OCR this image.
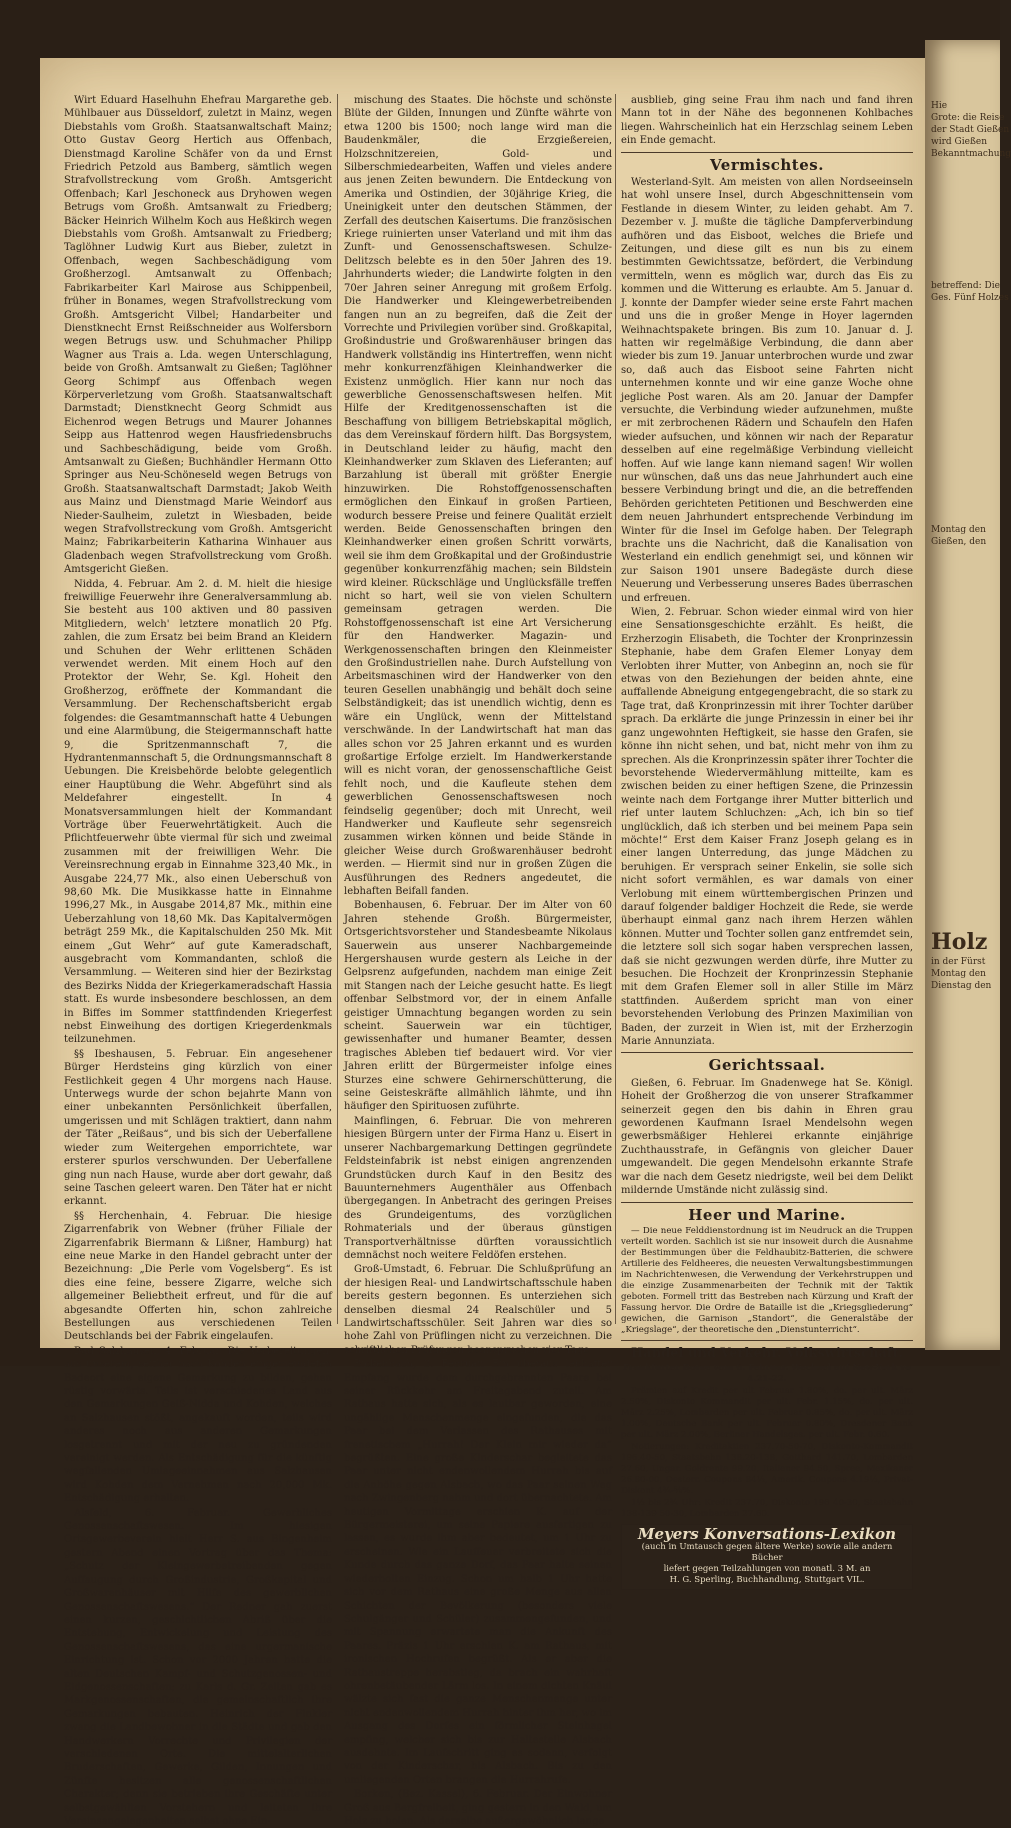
Hie
Grote: die Reise
der Stadt Gießen
wird Gießen
Bekanntmachung
betreffend: Die
Ges. Fünf Holzes
Montag den
Gießen, den
Holz
in der Fürst
Montag den
Dienstag den

Wirt Eduard Haselhuhn Ehefrau Margarethe geb. Mühlbauer aus Düsseldorf, zuletzt in Mainz, wegen Diebstahls vom Großh. Staatsanwaltschaft Mainz; Otto Gustav Georg Hertich aus Offenbach, Dienstmagd Karoline Schäfer von da und Ernst Friedrich Petzold aus Bamberg, sämtlich wegen Strafvollstreckung vom Großh. Amtsgericht Offenbach; Karl Jeschoneck aus Dryhowen wegen Betrugs vom Großh. Amtsanwalt zu Friedberg; Bäcker Heinrich Wilhelm Koch aus Heßkirch wegen Diebstahls vom Großh. Amtsanwalt zu Friedberg; Taglöhner Ludwig Kurt aus Bieber, zuletzt in Offenbach, wegen Sachbeschädigung vom Großherzogl. Amtsanwalt zu Offenbach; Fabrikarbeiter Karl Mairose aus Schippenbeil, früher in Bonames, wegen Strafvollstreckung vom Großh. Amtsgericht Vilbel; Handarbeiter und Dienstknecht Ernst Reißschneider aus Wolfersborn wegen Betrugs usw. und Schuhmacher Philipp Wagner aus Trais a. Lda. wegen Unterschlagung, beide von Großh. Amtsanwalt zu Gießen; Taglöhner Georg Schimpf aus Offenbach wegen Körperverletzung vom Großh. Staatsanwaltschaft Darmstadt; Dienstknecht Georg Schmidt aus Eichenrod wegen Betrugs und Maurer Johannes Seipp aus Hattenrod wegen Hausfriedensbruchs und Sachbeschädigung, beide vom Großh. Amtsanwalt zu Gießen; Buchhändler Hermann Otto Springer aus Neu-Schöneseld wegen Betrugs von Großh. Staatsanwaltschaft Darmstadt; Jakob Weith aus Mainz und Dienstmagd Marie Weindorf aus Nieder-Saulheim, zuletzt in Wiesbaden, beide wegen Strafvollstreckung vom Großh. Amtsgericht Mainz; Fabrikarbeiterin Katharina Winhauer aus Gladenbach wegen Strafvollstreckung vom Großh. Amtsgericht Gießen.

Nidda, 4. Februar. Am 2. d. M. hielt die hiesige freiwillige Feuerwehr ihre Generalversammlung ab. Sie besteht aus 100 aktiven und 80 passiven Mitgliedern, welch' letztere monatlich 20 Pfg. zahlen, die zum Ersatz bei beim Brand an Kleidern und Schuhen der Wehr erlittenen Schäden verwendet werden. Mit einem Hoch auf den Protektor der Wehr, Se. Kgl. Hoheit den Großherzog, eröffnete der Kommandant die Versammlung. Der Rechenschaftsbericht ergab folgendes: die Gesamtmannschaft hatte 4 Uebungen und eine Alarmübung, die Steigermannschaft hatte 9, die Spritzenmannschaft 7, die Hydrantenmannschaft 5, die Ordnungsmannschaft 8 Uebungen. Die Kreisbehörde belobte gelegentlich einer Hauptübung die Wehr. Abgeführt sind als Meldefahrer eingestellt. In 4 Monatsversammlungen hielt der Kommandant Vorträge über Feuerwehrtätigkeit. Auch die Pflichtfeuerwehr übte viermal für sich und zweimal zusammen mit der freiwilligen Wehr. Die Vereinsrechnung ergab in Einnahme 323,40 Mk., in Ausgabe 224,77 Mk., also einen Ueberschuß von 98,60 Mk. Die Musikkasse hatte in Einnahme 1996,27 Mk., in Ausgabe 2014,87 Mk., mithin eine Ueberzahlung von 18,60 Mk. Das Kapitalvermögen beträgt 259 Mk., die Kapitalschulden 250 Mk. Mit einem „Gut Wehr“ auf gute Kameradschaft, ausgebracht vom Kommandanten, schloß die Versammlung. — Weiteren sind hier der Bezirkstag des Bezirks Nidda der Kriegerkameradschaft Hassia statt. Es wurde insbesondere beschlossen, an dem in Biffes im Sommer stattfindenden Kriegerfest nebst Einweihung des dortigen Kriegerdenkmals teilzunehmen.

§§ Ibeshausen, 5. Februar. Ein angesehener Bürger Herdsteins ging kürzlich von einer Festlichkeit gegen 4 Uhr morgens nach Hause. Unterwegs wurde der schon bejahrte Mann von einer unbekannten Persönlichkeit überfallen, umgerissen und mit Schlägen traktiert, dann nahm der Täter „Reißaus“, und bis sich der Ueberfallene wieder zum Weitergehen emporrichtete, war ersterer spurlos verschwunden. Der Ueberfallene ging nun nach Hause, wurde aber dort gewahr, daß seine Taschen geleert waren. Den Täter hat er nicht erkannt.

§§ Herchenhain, 4. Februar. Die hiesige Zigarrenfabrik von Webner (früher Filiale der Zigarrenfabrik Biermann & Lißner, Hamburg) hat eine neue Marke in den Handel gebracht unter der Bezeichnung: „Die Perle vom Vogelsberg“. Es ist dies eine feine, bessere Zigarre, welche sich allgemeiner Beliebtheit erfreut, und für die auf abgesandte Offerten hin, schon zahlreiche Bestellungen aus verschiedenen Teilen Deutschlands bei der Fabrik eingelaufen.

Bad Salzhausen, 4. Februar. Die Vorbereitungen, aus unserem, seither nach Kohden eingemeindeten Badeort eine eigene Gemarkung zu bilden, gehen rüstig vorwärts. Teils ist verschiedenes Land aus den Gemarkungen Geiß-Nidda und Kohden, welches an Salzhausen stößt, angekauft worden, teils wird anderes noch aus anderen Gemarkungen losgetrennt und mit der neu zu gründenden vereinigt werden. Als Entschädigung für die künftig wegfallenden Umlageeinnahmen aus Salzhausen wird Kohden dem Vernehmen nach 20,000 Mk. Entschädigung erhalten.

Alsfeld, 6. Februar. Gewerbliches Genossenschaftswesen. Im hiesigen Ortsgewerbeverein hielt Herr S. aus Bingenheim gestern Abend einen Vortrag über das Thema: „Schutz der Kleingewerbetreibenden gegen Auffaugung durch Großindustrie, Großkapital und Großwarenhäuser mit Hilfe des gewerblichen Genossenschaftswesens.“ Der Redner gab zuerst einen kurzen, geschichtlichen Abriß über die Entstehung, Entwickelung und Leistung des Genossenschaftswesens, das eine urgermanische Einrichtung ist. Schon vor 2000 Jahren hatte die alten Deutschen Kampf- und Schutzgenossen- und Eidgenossenschaften; zu Karls d. Gr. Zeiten gab es Markgenossenschaften, die gemeinschaftlich ihre Gemarkungen bebauten. Heinrich der Finkler zwang die Landbewohner in die Städte und gab den Handwerkern Vorrechte und Privilegien der verschiedenen Orte. Die mittelalterlichen Bruderschaften, Gewerke, Gilden, Innungen und Zünfte besitzen alle genossenschaftlichen Charakter; denn sie betrieben ihre Geschäfte unter selbstgewählten Vorstehern und leiteten ihre Vereinsangelegenheiten selbst ohne Ein-

mischung des Staates. Die höchste und schönste Blüte der Gilden, Innungen und Zünfte währte von etwa 1200 bis 1500; noch lange wird man die Baudenkmäler, die Erzgießereien, Holzschnitzereien, Gold- und Silberschmiedearbeiten, Waffen und vieles andere aus jenen Zeiten bewundern. Die Entdeckung von Amerika und Ostindien, der 30jährige Krieg, die Uneinigkeit unter den deutschen Stämmen, der Zerfall des deutschen Kaisertums. Die französischen Kriege ruinierten unser Vaterland und mit ihm das Zunft- und Genossenschaftswesen. Schulze-Delitzsch belebte es in den 50er Jahren des 19. Jahrhunderts wieder; die Landwirte folgten in den 70er Jahren seiner Anregung mit großem Erfolg. Die Handwerker und Kleingewerbetreibenden fangen nun an zu begreifen, daß die Zeit der Vorrechte und Privilegien vorüber sind. Großkapital, Großindustrie und Großwarenhäuser bringen das Handwerk vollständig ins Hintertreffen, wenn nicht mehr konkurrenzfähigen Kleinhandwerker die Existenz unmöglich. Hier kann nur noch das gewerbliche Genossenschaftswesen helfen. Mit Hilfe der Kreditgenossenschaften ist die Beschaffung von billigem Betriebskapital möglich, das dem Vereinskauf fördern hilft. Das Borgsystem, in Deutschland leider zu häufig, macht den Kleinhandwerker zum Sklaven des Lieferanten; auf Barzahlung ist überall mit größter Energie hinzuwirken. Die Rohstoffgenossenschaften ermöglichen den Einkauf in großen Partieen, wodurch bessere Preise und feinere Qualität erzielt werden. Beide Genossenschaften bringen den Kleinhandwerker einen großen Schritt vorwärts, weil sie ihm dem Großkapital und der Großindustrie gegenüber konkurrenzfähig machen; sein Bildstein wird kleiner. Rückschläge und Unglücksfälle treffen nicht so hart, weil sie von vielen Schultern gemeinsam getragen werden. Die Rohstoffgenossenschaft ist eine Art Versicherung für den Handwerker. Magazin- und Werkgenossenschaften bringen den Kleinmeister den Großindustriellen nahe. Durch Aufstellung von Arbeitsmaschinen wird der Handwerker von den teuren Gesellen unabhängig und behält doch seine Selbständigkeit; das ist unendlich wichtig, denn es wäre ein Unglück, wenn der Mittelstand verschwände. In der Landwirtschaft hat man das alles schon vor 25 Jahren erkannt und es wurden großartige Erfolge erzielt. Im Handwerkerstande will es nicht voran, der genossenschaftliche Geist fehlt noch, und die Kaufleute stehen dem gewerblichen Genossenschaftswesen noch feindselig gegenüber; doch mit Unrecht, weil Handwerker und Kaufleute sehr segensreich zusammen wirken können und beide Stände in gleicher Weise durch Großwarenhäuser bedroht werden. — Hiermit sind nur in großen Zügen die Ausführungen des Redners angedeutet, die lebhaften Beifall fanden.

Bobenhausen, 6. Februar. Der im Alter von 60 Jahren stehende Großh. Bürgermeister, Ortsgerichtsvorsteher und Standesbeamte Nikolaus Sauerwein aus unserer Nachbargemeinde Hergershausen wurde gestern als Leiche in der Gelpsrenz aufgefunden, nachdem man einige Zeit mit Stangen nach der Leiche gesucht hatte. Es liegt offenbar Selbstmord vor, der in einem Anfalle geistiger Umnachtung begangen worden zu sein scheint. Sauerwein war ein tüchtiger, gewissenhafter und humaner Beamter, dessen tragisches Ableben tief bedauert wird. Vor vier Jahren erlitt der Bürgermeister infolge eines Sturzes eine schwere Gehirnerschütterung, die seine Geisteskräfte allmählich lähmte, und ihn häufiger den Spirituosen zuführte.

Mainflingen, 6. Februar. Die von mehreren hiesigen Bürgern unter der Firma Hanz u. Eisert in unserer Nachbargemarkung Dettingen gegründete Feldsteinfabrik ist nebst einigen angrenzenden Grundstücken durch Kauf in den Besitz des Bauunternehmers Augenthäler aus Offenbach übergegangen. In Anbetracht des geringen Preises des Grundeigentums, des vorzüglichen Rohmaterials und der überaus günstigen Transportverhältnisse dürften voraussichtlich demnächst noch weitere Feldöfen erstehen.

Groß-Umstadt, 6. Februar. Die Schlußprüfung an der hiesigen Real- und Landwirtschaftsschule haben bereits gestern begonnen. Es unterziehen sich denselben diesmal 24 Realschüler und 5 Landwirtschaftsschüler. Seit Jahren war dies so hohe Zahl von Prüflingen nicht zu verzeichnen. Die schriftlichen Prüfungen beanspruchen vier Tage.

Bickenbach, 3. Februar. Ein überaus lebhafter Empfang wurde dem durchgebrannten Paare bei seiner Rückkehr am Freitagabend zuteil. Am Rathaus hatte sich, als es lautbar geworden, eine ungählige Menschenmenge eingefunden, die das Paar bei dem Verlassen des Rathauses mit frenetischem „Hurrah! Der Klein mir wieder da“ begrüßten. Eine große Kinderschar begleitete das Paar unter nicht endenwollendem Hurrah bis auf die Anhöhe gegen Alsbach, wo das Paar seinen Weg nach Zwingenberg nahm und dort übernachtete. Am heutigen Vormittage erschien K. auf der Bürgermeisterei, um seine Papiere ausfertigen zu lassen, es wurde ihm aber bedeutet, um 1 Uhr zu erscheinen. Wie ein Lauffeuer verbreitete sich die Kunde durch das ganze Dorf, das Paar halte seinen wiederholten Einzug. Schon um halb 1 Uhr hatte sich vor dem Rathaus eine große Menge aus allen Schichten der Bevölkerung (besonders viele Schulgänger und Schüler) zusammengefunden, und mit Spannung erwartete man die Ankunft des Paares. Präzis 1 Uhr erschien K. am Rathaus, mit ironischen Hochrufen begrüßt. Als er aber die Rathaustreppe herabstieg, da brach ein wahrhaft ohrenbetäubender Lärm los. In einem dichten Knäul wälzte sich fast die ganze Menschenmenge unter nicht endenwollendem Hurrah hinter ihm her, wo im Ausgang des Dorfes ein förmlicher Steinhagel empfing, welcher sich bis zur Haltestelle Alsbach ausdehnte. Im Laufschritt ging es sodann, verfolgt von der Kinderschar, bis Alsbach. Bis zu den umliegenden Orten brangen die Hurrahrufe.

Borken, (Bez. Kassel), 6. Februar. Der Einwohner Groß aus Bergfreiheit, ging gestern in den Wald, um Holz zu holen. Als derselbe außergewöhnlich lange

ausblieb, ging seine Frau ihm nach und fand ihren Mann tot in der Nähe des begonnenen Kohlbaches liegen. Wahrscheinlich hat ein Herzschlag seinem Leben ein Ende gemacht.

Vermischtes.

Westerland-Sylt. Am meisten von allen Nordseeinseln hat wohl unsere Insel, durch Abgeschnittensein vom Festlande in diesem Winter, zu leiden gehabt. Am 7. Dezember v. J. mußte die tägliche Dampferverbindung aufhören und das Eisboot, welches die Briefe und Zeitungen, und diese gilt es nun bis zu einem bestimmten Gewichtssatze, befördert, die Verbindung vermitteln, wenn es möglich war, durch das Eis zu kommen und die Witterung es erlaubte. Am 5. Januar d. J. konnte der Dampfer wieder seine erste Fahrt machen und uns die in großer Menge in Hoyer lagernden Weihnachtspakete bringen. Bis zum 10. Januar d. J. hatten wir regelmäßige Verbindung, die dann aber wieder bis zum 19. Januar unterbrochen wurde und zwar so, daß auch das Eisboot seine Fahrten nicht unternehmen konnte und wir eine ganze Woche ohne jegliche Post waren. Als am 20. Januar der Dampfer versuchte, die Verbindung wieder aufzunehmen, mußte er mit zerbrochenen Rädern und Schaufeln den Hafen wieder aufsuchen, und können wir nach der Reparatur desselben auf eine regelmäßige Verbindung vielleicht hoffen. Auf wie lange kann niemand sagen! Wir wollen nur wünschen, daß uns das neue Jahrhundert auch eine bessere Verbindung bringt und die, an die betreffenden Behörden gerichteten Petitionen und Beschwerden eine dem neuen Jahrhundert entsprechende Verbindung im Winter für die Insel im Gefolge haben. Der Telegraph brachte uns die Nachricht, daß die Kanalisation von Westerland ein endlich genehmigt sei, und können wir zur Saison 1901 unsere Badegäste durch diese Neuerung und Verbesserung unseres Bades überraschen und erfreuen.

Wien, 2. Februar. Schon wieder einmal wird von hier eine Sensationsgeschichte erzählt. Es heißt, die Erzherzogin Elisabeth, die Tochter der Kronprinzessin Stephanie, habe dem Grafen Elemer Lonyay dem Verlobten ihrer Mutter, von Anbeginn an, noch sie für etwas von den Beziehungen der beiden ahnte, eine auffallende Abneigung entgegengebracht, die so stark zu Tage trat, daß Kronprinzessin mit ihrer Tochter darüber sprach. Da erklärte die junge Prinzessin in einer bei ihr ganz ungewohnten Heftigkeit, sie hasse den Grafen, sie könne ihn nicht sehen, und bat, nicht mehr von ihm zu sprechen. Als die Kronprinzessin später ihrer Tochter die bevorstehende Wiedervermählung mitteilte, kam es zwischen beiden zu einer heftigen Szene, die Prinzessin weinte nach dem Fortgange ihrer Mutter bitterlich und rief unter lautem Schluchzen: „Ach, ich bin so tief unglücklich, daß ich sterben und bei meinem Papa sein möchte!“ Erst dem Kaiser Franz Joseph gelang es in einer langen Unterredung, das junge Mädchen zu beruhigen. Er versprach seiner Enkelin, sie solle sich nicht sofort vermählen, es war damals von einer Verlobung mit einem württembergischen Prinzen und darauf folgender baldiger Hochzeit die Rede, sie werde überhaupt einmal ganz nach ihrem Herzen wählen können. Mutter und Tochter sollen ganz entfremdet sein, die letztere soll sich sogar haben versprechen lassen, daß sie nicht gezwungen werden dürfe, ihre Mutter zu besuchen. Die Hochzeit der Kronprinzessin Stephanie mit dem Grafen Elemer soll in aller Stille im März stattfinden. Außerdem spricht man von einer bevorstehenden Verlobung des Prinzen Maximilian von Baden, der zurzeit in Wien ist, mit der Erzherzogin Marie Annunziata.

Gerichtssaal.

Gießen, 6. Februar. Im Gnadenwege hat Se. Königl. Hoheit der Großherzog die von unserer Strafkammer seinerzeit gegen den bis dahin in Ehren grau gewordenen Kaufmann Israel Mendelsohn wegen gewerbsmäßiger Hehlerei erkannte einjährige Zuchthausstrafe, in Gefängnis von gleicher Dauer umgewandelt. Die gegen Mendelsohn erkannte Strafe war die nach dem Gesetz niedrigste, weil bei dem Delikt mildernde Umstände nicht zulässig sind.

Heer und Marine.

— Die neue Felddienstordnung ist im Neudruck an die Truppen verteilt worden. Sachlich ist sie nur insoweit durch die Ausnahme der Bestimmungen über die Feldhaubitz-Batterien, die schwere Artillerie des Feldheeres, die neuesten Verwaltungsbestimmungen im Nachrichtenwesen, die Verwendung der Verkehrstruppen und die einzige Zusammenarbeiten der Technik mit der Taktik geboten. Formell tritt das Bestreben nach Kürzung und Kraft der Fassung hervor. Die Ordre de Bataille ist die „Kriegsgliederung“ gewichen, die Garnison „Standort“, die Generalstäbe der „Kriegslage“, der theoretische den „Dienstunterricht“.

Handel und Verkehr. Volkswirtschaft.

Frankfurter Börse vom 6. Februar. Wechsel auf New-York vo 4.21-22.

Prämien auf Kredit per ult Februar 1.80%, do. per ult. März 2.50%, Diskonto Kommandit per ult. Febr. 1.15%, do. per ult. März 2.25%, Lombarden per ult. Februar 0.85%, do. per ult. März 1.00%, Deutsche Bank per ult. Februar 0.80%, Dresdener Bank per ult. März 2.00%, Berliner Handelsges. per ult. Febr. 0.60.

Notierungen: Kreditaktien 237.70-50-70, Diskonto-Kommandit 196.40-50, Staatsbahn 138.20-138, Gotthard 141.70, Lombarden 27.60, Ungar. Goldrente 99.20, Italiener 94.50, Spree, Mexikaner 26.80-00, Oesterr. Coupons 84½, Amerik. Coupons 4.19½, Privat-Diskont 4¾-⅝%.

1½ bis 2¾ Uhr: Kredit 237.70, Diskonto 196 40-30, Staatsbahn 138-139 50-30, Lombarden 27.60.

Meyers Konversations-Lexikon
(auch in Umtausch gegen ältere Werke) sowie alle andern Bücher
liefert gegen Teilzahlungen von monatl. 3 M. an
H. G. Sperling, Buchhandlung, Stuttgart VIL.
